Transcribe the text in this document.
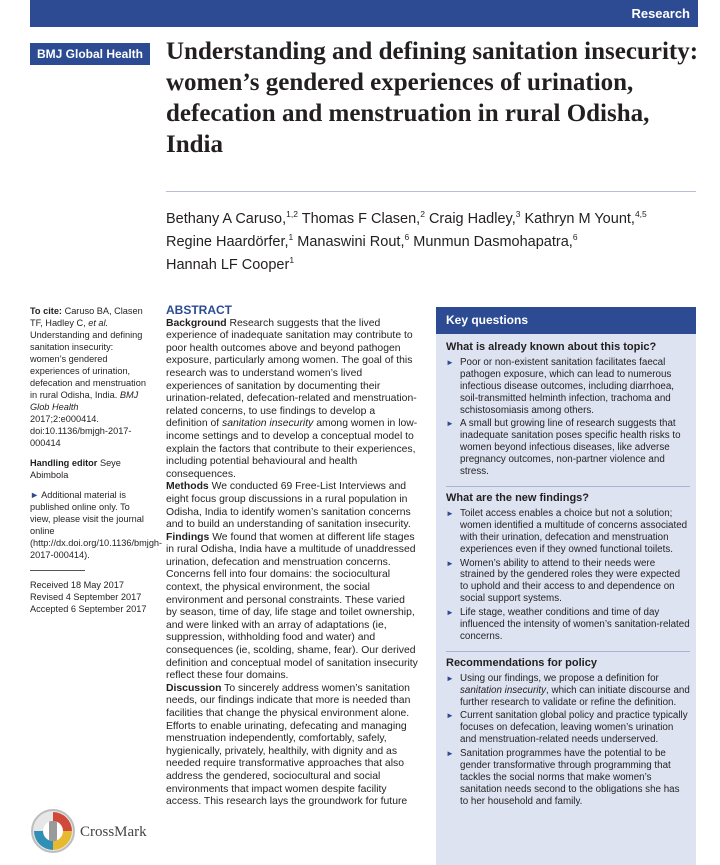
Research
BMJ Global Health Understanding and defining sanitation insecurity: women’s gendered experiences of urination, defecation and menstruation in rural Odisha, India
Bethany A Caruso,$^{1,2}$ Thomas F Clasen,$^2$ Craig Hadley,$^3$ Kathryn M Yount,$^{4,5}$
Regine Haardörfer,$^1$ Manaswini Rout,$^6$ Munmun Dasmohapatra,$^6$
Hannah LF Cooper$^1$

To cite: Caruso BA, Clasen TF, Hadley C, et al. Understanding and defining sanitation insecurity: women’s gendered experiences of urination, defecation and menstruation in rural Odisha, India. BMJ Glob Health 2017;2:e000414. doi:10.1136/bmjgh-2017-000414

Handling editor Seye Abimbola

► Additional material is published online only. To view, please visit the journal online (http://dx.doi.org/10.1136/bmjgh-2017-000414).

Received 18 May 2017
Revised 4 September 2017
Accepted 6 September 2017
ABSTRACT

Background Research suggests that the lived experience of inadequate sanitation may contribute to poor health outcomes above and beyond pathogen exposure, particularly among women. The goal of this research was to understand women’s lived experiences of sanitation by documenting their urination-related, defecation-related and menstruation-related concerns, to use findings to develop a definition of sanitation insecurity among women in low-income settings and to develop a conceptual model to explain the factors that contribute to their experiences, including potential behavioural and health consequences.

Methods We conducted 69 Free-List Interviews and eight focus group discussions in a rural population in Odisha, India to identify women’s sanitation concerns and to build an understanding of sanitation insecurity.

Findings We found that women at different life stages in rural Odisha, India have a multitude of unaddressed urination, defecation and menstruation concerns. Concerns fell into four domains: the sociocultural context, the physical environment, the social environment and personal constraints. These varied by season, time of day, life stage and toilet ownership, and were linked with an array of adaptations (ie, suppression, withholding food and water) and consequences (ie, scolding, shame, fear). Our derived definition and conceptual model of sanitation insecurity reflect these four domains.

Discussion To sincerely address women’s sanitation needs, our findings indicate that more is needed than facilities that change the physical environment alone. Efforts to enable urinating, defecating and managing menstruation independently, comfortably, safely, hygienically, privately, healthily, with dignity and as needed require transformative approaches that also address the gendered, sociocultural and social environments that impact women despite facility access. This research lays the groundwork for future

Key questions
What is already known about this topic?
► Poor or non-existent sanitation facilitates faecal pathogen exposure, which can lead to numerous infectious disease outcomes, including diarrhoea, soil-transmitted helminth infection, trachoma and schistosomiasis among others.
► A small but growing line of research suggests that inadequate sanitation poses specific health risks to women beyond infectious diseases, like adverse pregnancy outcomes, non-partner violence and stress.
What are the new findings?
► Toilet access enables a choice but not a solution; women identified a multitude of concerns associated with their urination, defecation and menstruation experiences even if they owned functional toilets.
► Women’s ability to attend to their needs were strained by the gendered roles they were expected to uphold and their access to and dependence on social support systems.
► Life stage, weather conditions and time of day influenced the intensity of women’s sanitation-related concerns.
Recommendations for policy
► Using our findings, we propose a definition for sanitation insecurity, which can initiate discourse and further research to validate or refine the definition.
► Current sanitation global policy and practice typically focuses on defecation, leaving women’s urination and menstruation-related needs underserved.
► Sanitation programmes have the potential to be gender transformative through programming that tackles the social norms that make women’s sanitation needs second to the obligations she has to her household and family.
CrossMark
